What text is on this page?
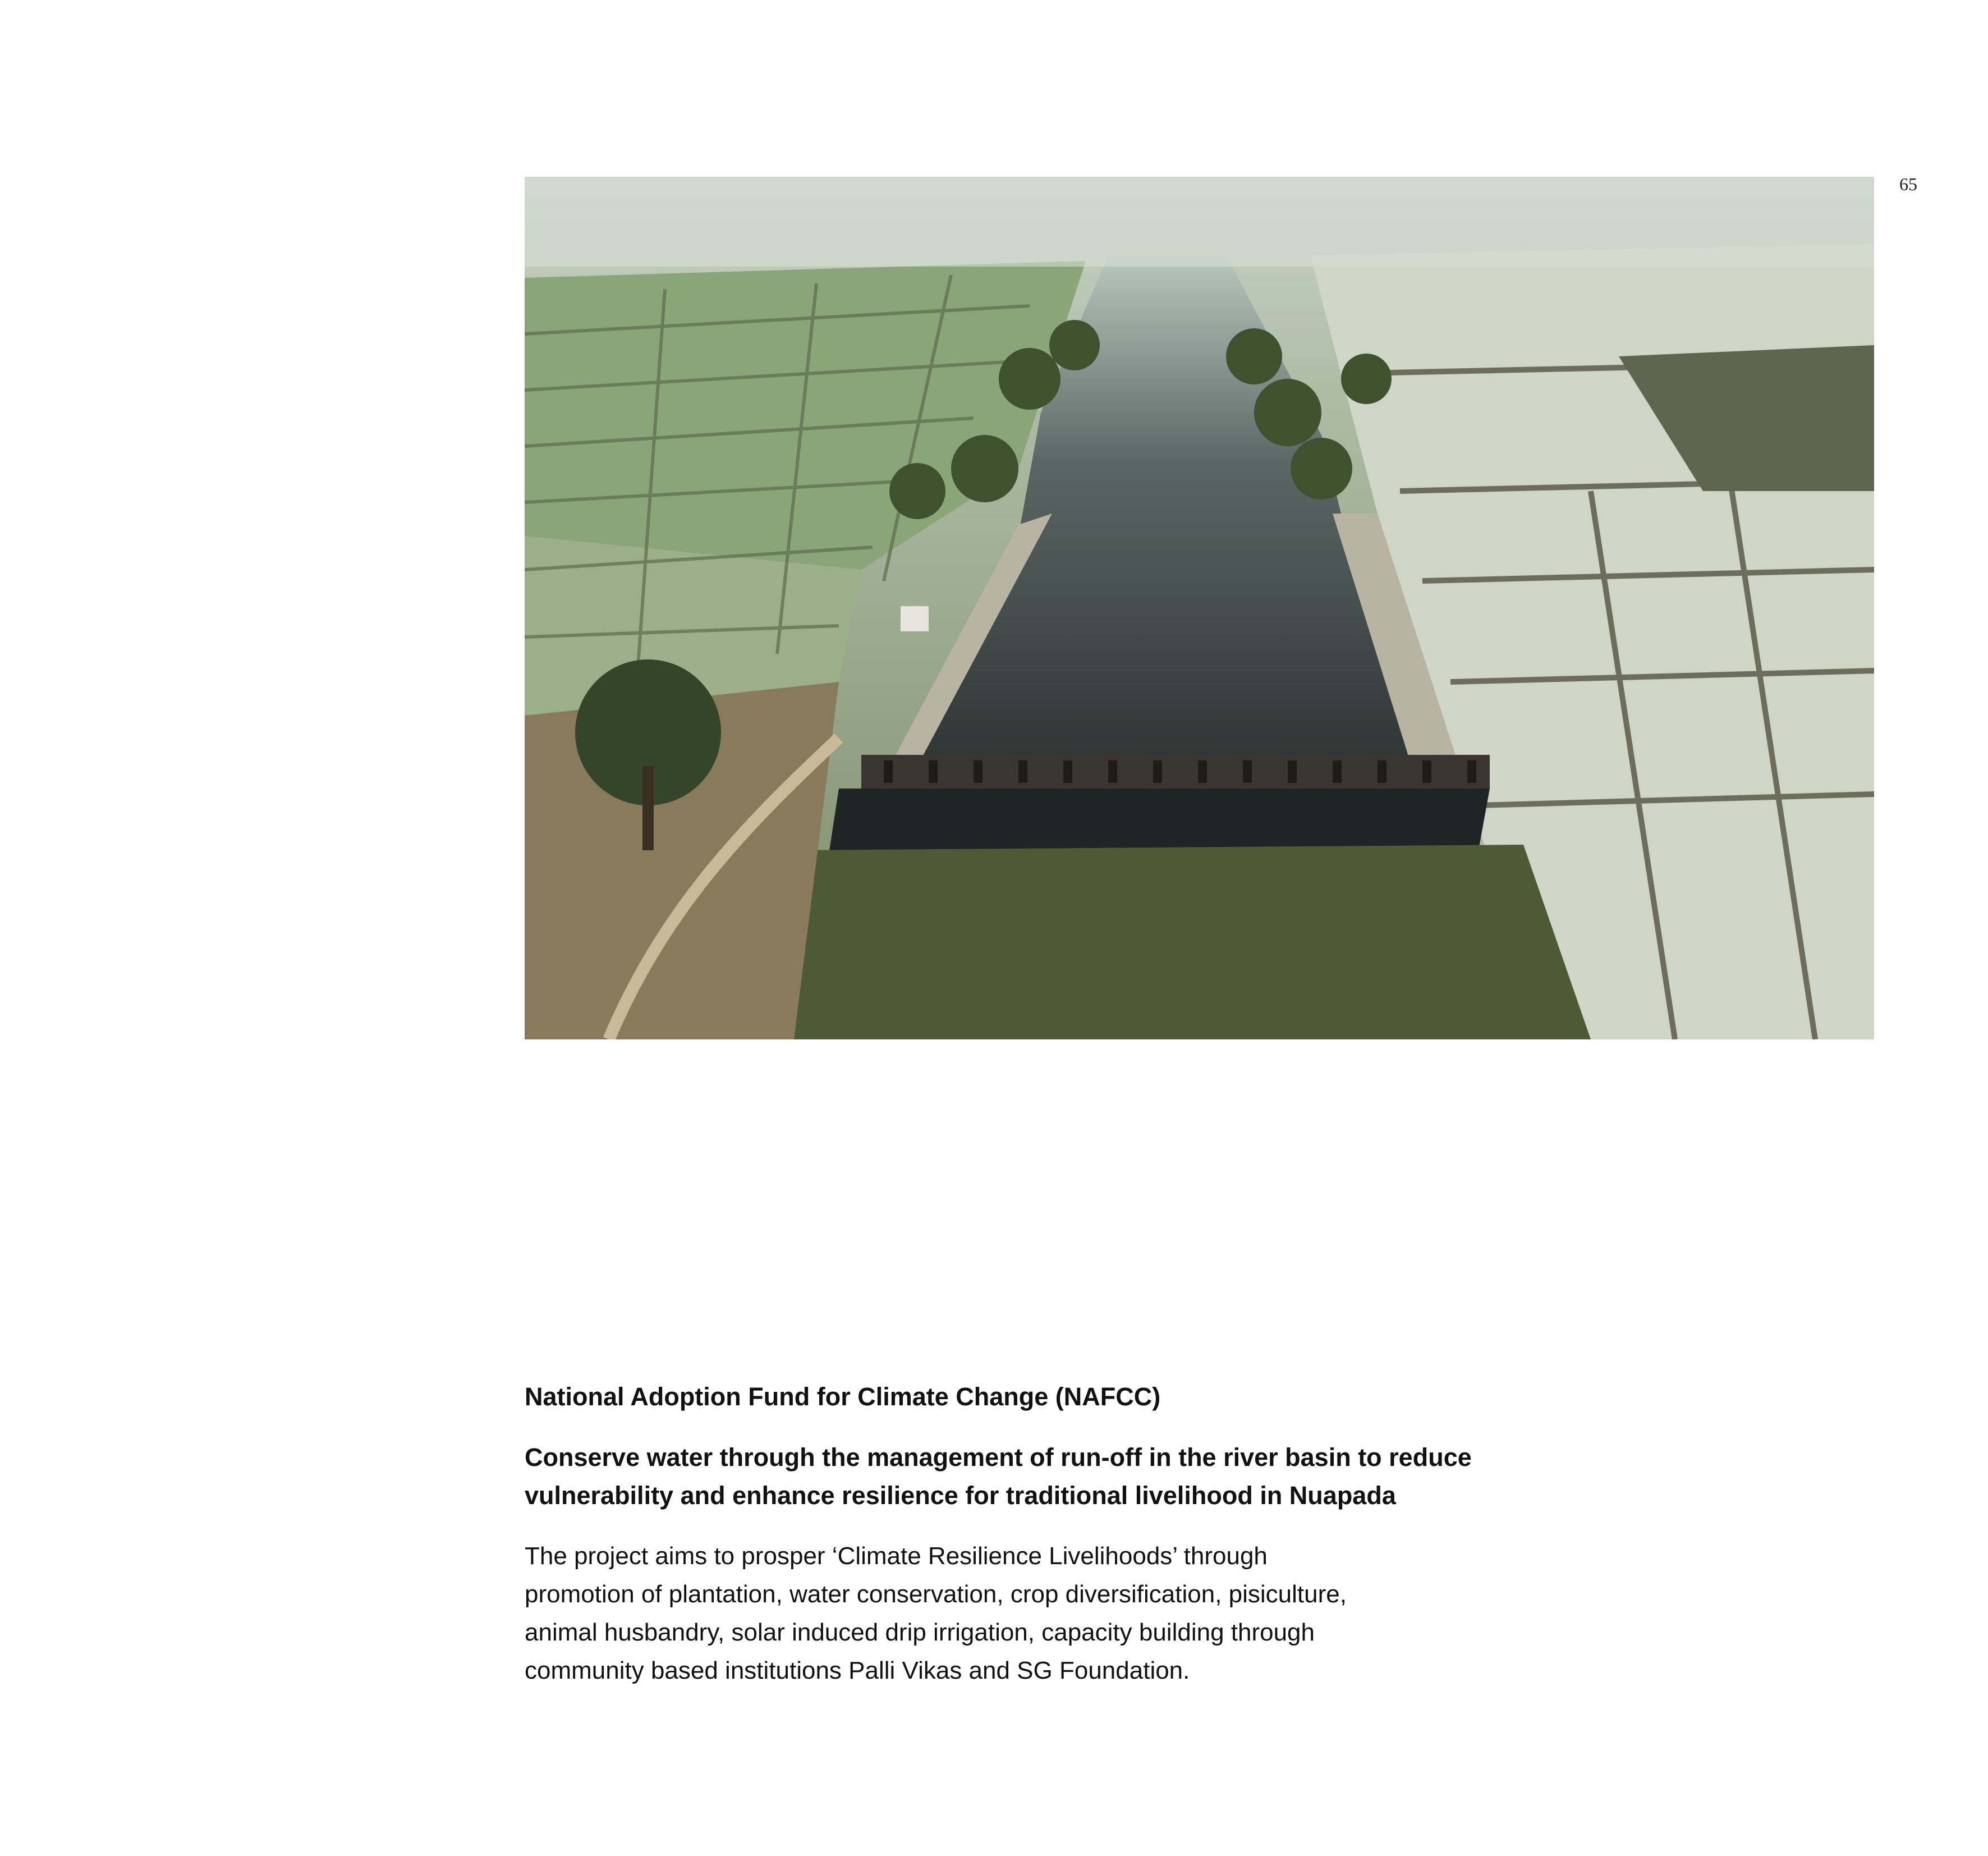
65
National Adoption Fund for Climate Change (NAFCC)
Conserve water through the management of run-off in the river basin to reduce
vulnerability and enhance resilience for traditional livelihood in Nuapada
The project aims to prosper ‘Climate Resilience Livelihoods’ through
promotion of plantation, water conservation, crop diversification, pisiculture,
animal husbandry, solar induced drip irrigation, capacity building through
community based institutions Palli Vikas and SG Foundation.
